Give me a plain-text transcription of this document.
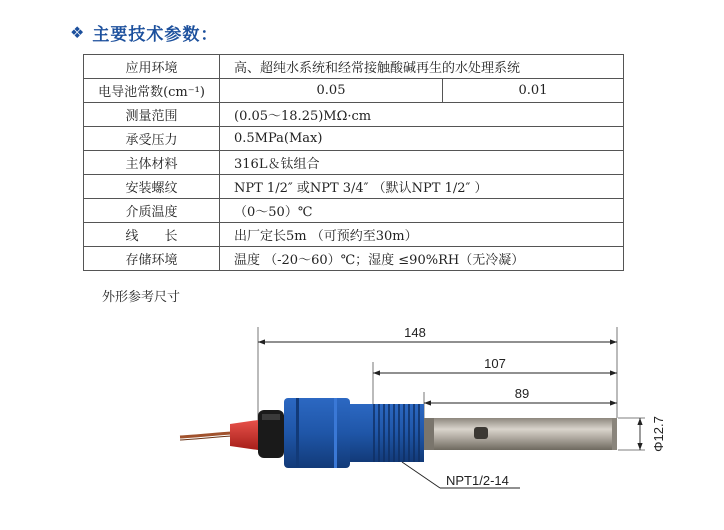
❖ 主要技术参数：
应用环境	高、超纯水系统和经常接触酸碱再生的水处理系统	
电导池常数(cm⁻¹)	0.05	0.01
测量范围	(0.05～18.25)MΩ·cm	
承受压力	0.5MPa(Max)	
主体材料	316L＆钛组合	
安装螺纹	NPT 1/2″ 或NPT 3/4″ （默认NPT 1/2″ ）	
介质温度	（0～50）℃	
线　　长	出厂定长5m （可预约至30m）	
存储环境	温度 （-20～60）℃；湿度 ≤90%RH（无冷凝）	
外形参考尺寸
148
107
89
Φ12.7
NPT1/2-14
